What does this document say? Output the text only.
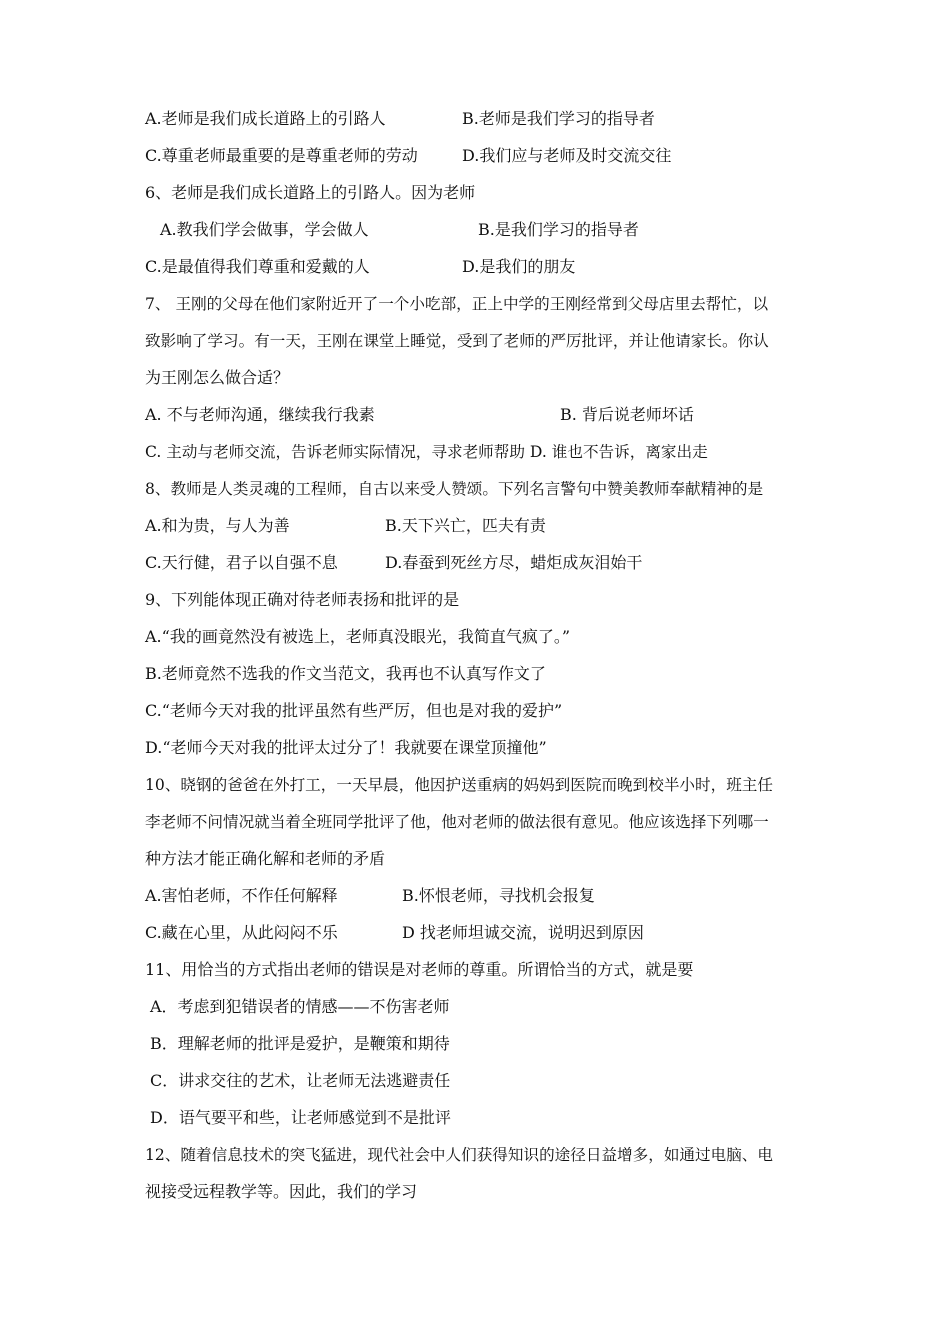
A.老师是我们成长道路上的引路人	B.老师是我们学习的指导者
C.尊重老师最重要的是尊重老师的劳动	D.我们应与老师及时交流交往
6、老师是我们成长道路上的引路人。因为老师
A.教我们学会做事，学会做人	B.是我们学习的指导者
C.是最值得我们尊重和爱戴的人	D.是我们的朋友
7、 王刚的父母在他们家附近开了一个小吃部，正上中学的王刚经常到父母店里去帮忙，以
致影响了学习。有一天，王刚在课堂上睡觉，受到了老师的严厉批评，并让他请家长。你认
为王刚怎么做合适？
A. 不与老师沟通，继续我行我素	B. 背后说老师坏话
C. 主动与老师交流，告诉老师实际情况，寻求老师帮助 D. 谁也不告诉，离家出走
8、教师是人类灵魂的工程师，自古以来受人赞颂。下列名言警句中赞美教师奉献精神的是
A.和为贵，与人为善	B.天下兴亡，匹夫有责
C.天行健，君子以自强不息	D.春蚕到死丝方尽，蜡炬成灰泪始干
9、下列能体现正确对待老师表扬和批评的是
A.“我的画竟然没有被选上，老师真没眼光，我简直气疯了。”
B.老师竟然不选我的作文当范文，我再也不认真写作文了
C.“老师今天对我的批评虽然有些严厉，但也是对我的爱护”
D.“老师今天对我的批评太过分了！我就要在课堂顶撞他”
10、晓钢的爸爸在外打工，一天早晨，他因护送重病的妈妈到医院而晚到校半小时，班主任
李老师不问情况就当着全班同学批评了他，他对老师的做法很有意见。他应该选择下列哪一
种方法才能正确化解和老师的矛盾
A.害怕老师，不作任何解释	B.怀恨老师，寻找机会报复
C.藏在心里，从此闷闷不乐	D 找老师坦诚交流，说明迟到原因
11、用恰当的方式指出老师的错误是对老师的尊重。所谓恰当的方式，就是要
A．考虑到犯错误者的情感——不伤害老师
B．理解老师的批评是爱护，是鞭策和期待
C．讲求交往的艺术，让老师无法逃避责任
D．语气要平和些，让老师感觉到不是批评
12、随着信息技术的突飞猛进，现代社会中人们获得知识的途径日益增多，如通过电脑、电
视接受远程教学等。因此，我们的学习
